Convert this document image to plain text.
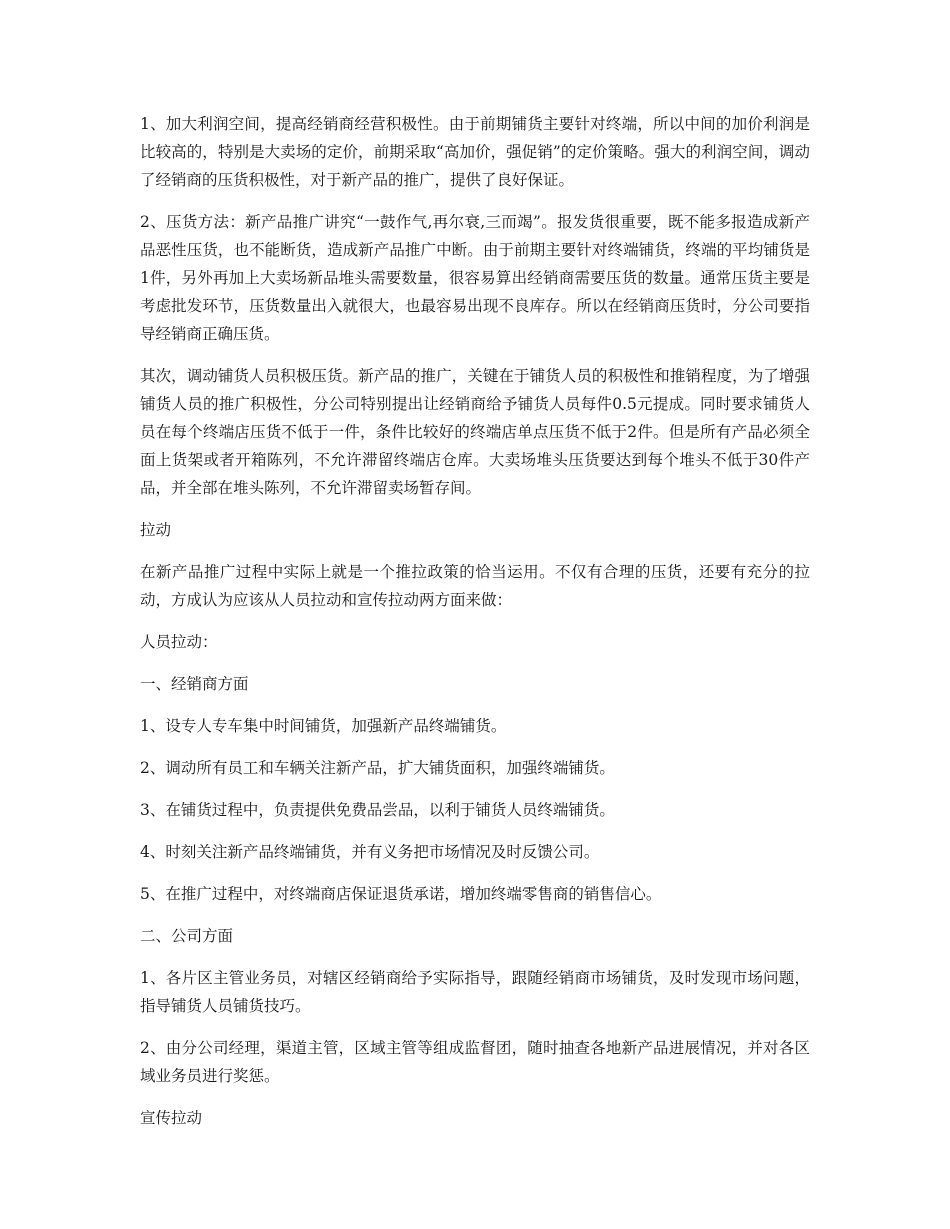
1、加大利润空间，提高经销商经营积极性。由于前期铺货主要针对终端，所以中间的加价利润是比较高的，特别是大卖场的定价，前期采取“高加价，强促销”的定价策略。强大的利润空间，调动了经销商的压货积极性，对于新产品的推广，提供了良好保证。

2、压货方法：新产品推广讲究“一鼓作气,再尔衰,三而竭”。报发货很重要，既不能多报造成新产品恶性压货，也不能断货，造成新产品推广中断。由于前期主要针对终端铺货，终端的平均铺货是1件，另外再加上大卖场新品堆头需要数量，很容易算出经销商需要压货的数量。通常压货主要是考虑批发环节，压货数量出入就很大，也最容易出现不良库存。所以在经销商压货时，分公司要指导经销商正确压货。

其次，调动铺货人员积极压货。新产品的推广，关键在于铺货人员的积极性和推销程度，为了增强铺货人员的推广积极性，分公司特别提出让经销商给予铺货人员每件0.5元提成。同时要求铺货人员在每个终端店压货不低于一件，条件比较好的终端店单点压货不低于2件。但是所有产品必须全面上货架或者开箱陈列，不允许滞留终端店仓库。大卖场堆头压货要达到每个堆头不低于30件产品，并全部在堆头陈列，不允许滞留卖场暂存间。

拉动

在新产品推广过程中实际上就是一个推拉政策的恰当运用。不仅有合理的压货，还要有充分的拉动，方成认为应该从人员拉动和宣传拉动两方面来做：

人员拉动：

一、经销商方面

1、设专人专车集中时间铺货，加强新产品终端铺货。

2、调动所有员工和车辆关注新产品，扩大铺货面积，加强终端铺货。

3、在铺货过程中，负责提供免费品尝品，以利于铺货人员终端铺货。

4、时刻关注新产品终端铺货，并有义务把市场情况及时反馈公司。

5、在推广过程中，对终端商店保证退货承诺，增加终端零售商的销售信心。

二、公司方面

1、各片区主管业务员，对辖区经销商给予实际指导，跟随经销商市场铺货，及时发现市场问题，指导铺货人员铺货技巧。

2、由分公司经理，渠道主管，区域主管等组成监督团，随时抽查各地新产品进展情况，并对各区域业务员进行奖惩。

宣传拉动
